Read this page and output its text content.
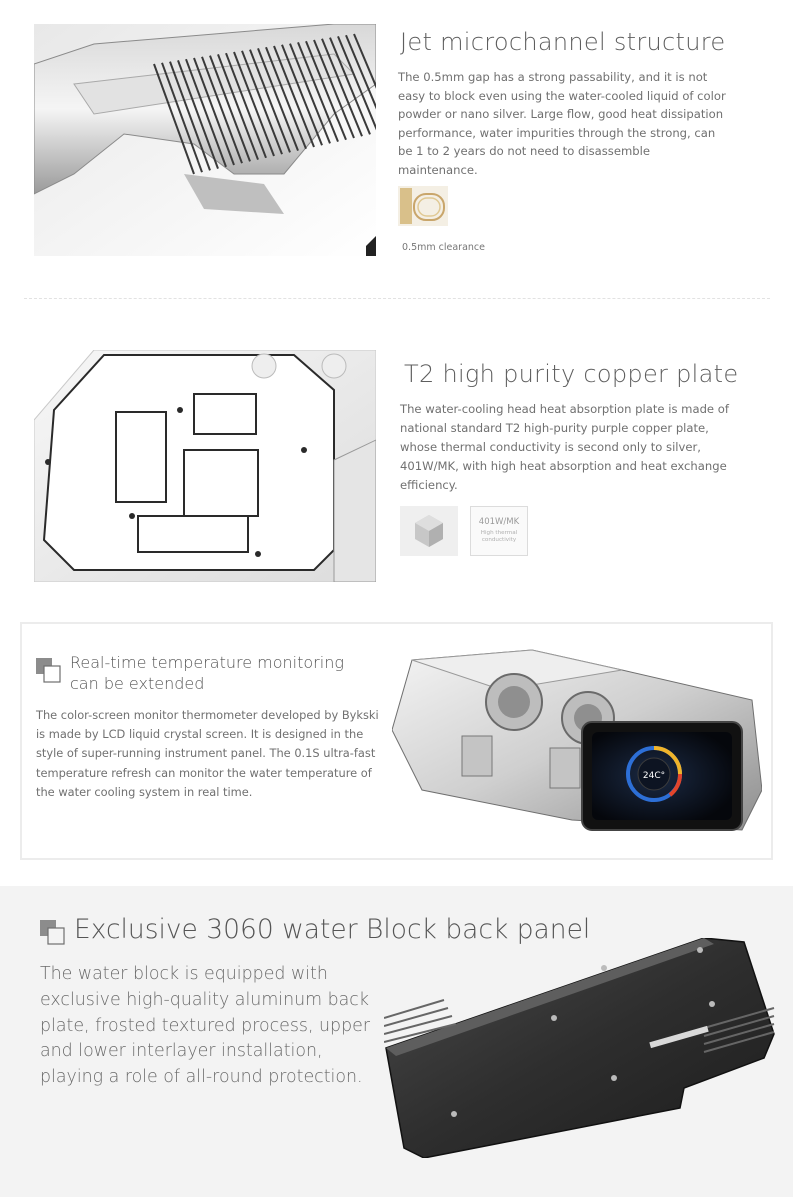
Jet microchannel structure
The 0.5mm gap has a strong passability, and it is not easy to block even using the water-cooled liquid of color powder or nano silver. Large flow, good heat dissipation performance, water impurities through the strong, can be 1 to 2 years do not need to disassemble maintenance.
0.5mm clearance
T2 high purity copper plate
The water-cooling head heat absorption plate is made of national standard T2 high-purity purple copper plate, whose thermal conductivity is second only to silver, 401W/MK, with high heat absorption and heat exchange efficiency.
401W/MK
High thermal conductivity
Real-time temperature monitoring can be extended
The color-screen monitor thermometer developed by Bykski is made by LCD liquid crystal screen. It is designed in the style of super-running instrument panel. The 0.1S ultra-fast temperature refresh can monitor the water temperature of the water cooling system in real time.
24C°
Exclusive 3060 water Block back panel
The water block is equipped with exclusive high-quality aluminum back plate, frosted textured process, upper and lower interlayer installation, playing a role of all-round protection.
